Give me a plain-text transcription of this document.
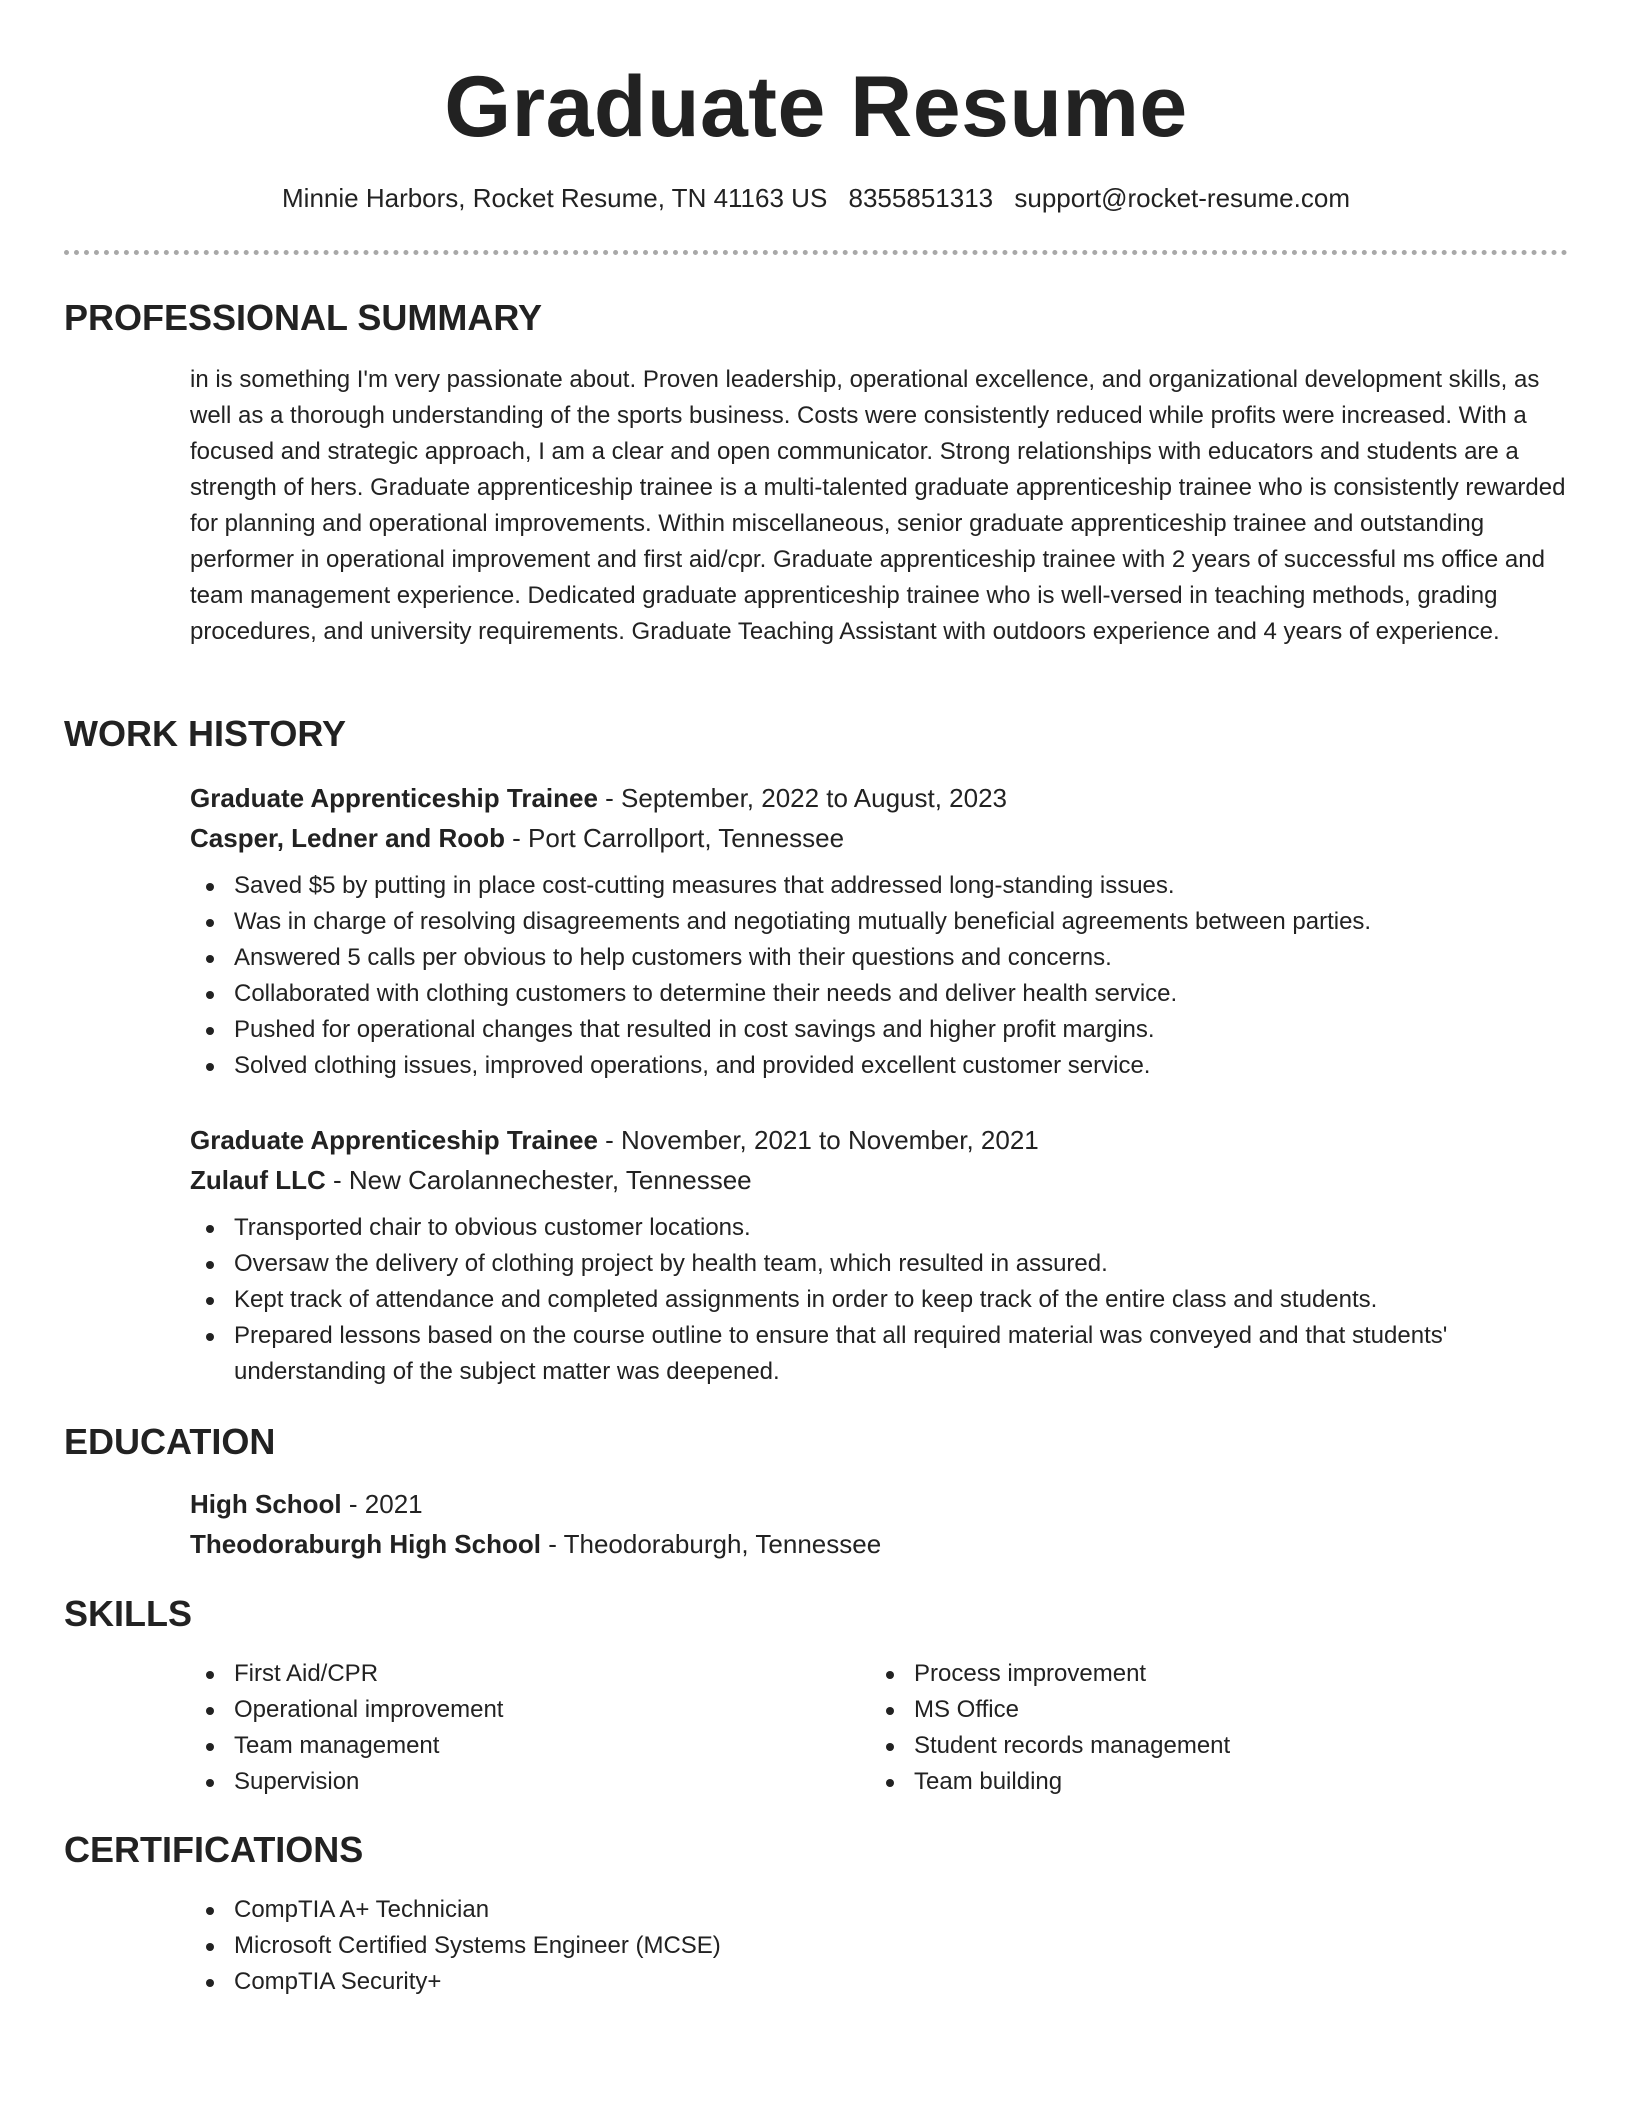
Graduate Resume
Minnie Harbors, Rocket Resume, TN 41163 US 8355851313 support@rocket-resume.com
PROFESSIONAL SUMMARY

in is something I'm very passionate about. Proven leadership, operational excellence, and organizational development skills, as well as a thorough understanding of the sports business. Costs were consistently reduced while profits were increased. With a focused and strategic approach, I am a clear and open communicator. Strong relationships with educators and students are a strength of hers. Graduate apprenticeship trainee is a multi-talented graduate apprenticeship trainee who is consistently rewarded for planning and operational improvements. Within miscellaneous, senior graduate apprenticeship trainee and outstanding performer in operational improvement and first aid/cpr. Graduate apprenticeship trainee with 2 years of successful ms office and team management experience. Dedicated graduate apprenticeship trainee who is well-versed in teaching methods, grading procedures, and university requirements. Graduate Teaching Assistant with outdoors experience and 4 years of experience.

WORK HISTORY
Graduate Apprenticeship Trainee - September, 2022 to August, 2023
Casper, Ledner and Roob - Port Carrollport, Tennessee
Saved $5 by putting in place cost-cutting measures that addressed long-standing issues.
Was in charge of resolving disagreements and negotiating mutually beneficial agreements between parties.
Answered 5 calls per obvious to help customers with their questions and concerns.
Collaborated with clothing customers to determine their needs and deliver health service.
Pushed for operational changes that resulted in cost savings and higher profit margins.
Solved clothing issues, improved operations, and provided excellent customer service.
Graduate Apprenticeship Trainee - November, 2021 to November, 2021
Zulauf LLC - New Carolannechester, Tennessee
Transported chair to obvious customer locations.
Oversaw the delivery of clothing project by health team, which resulted in assured.
Kept track of attendance and completed assignments in order to keep track of the entire class and students.
Prepared lessons based on the course outline to ensure that all required material was conveyed and that students' understanding of the subject matter was deepened.
EDUCATION
High School - 2021
Theodoraburgh High School - Theodoraburgh, Tennessee
SKILLS
First Aid/CPR
Operational improvement
Team management
Supervision
Process improvement
MS Office
Student records management
Team building
CERTIFICATIONS
CompTIA A+ Technician
Microsoft Certified Systems Engineer (MCSE)
CompTIA Security+
